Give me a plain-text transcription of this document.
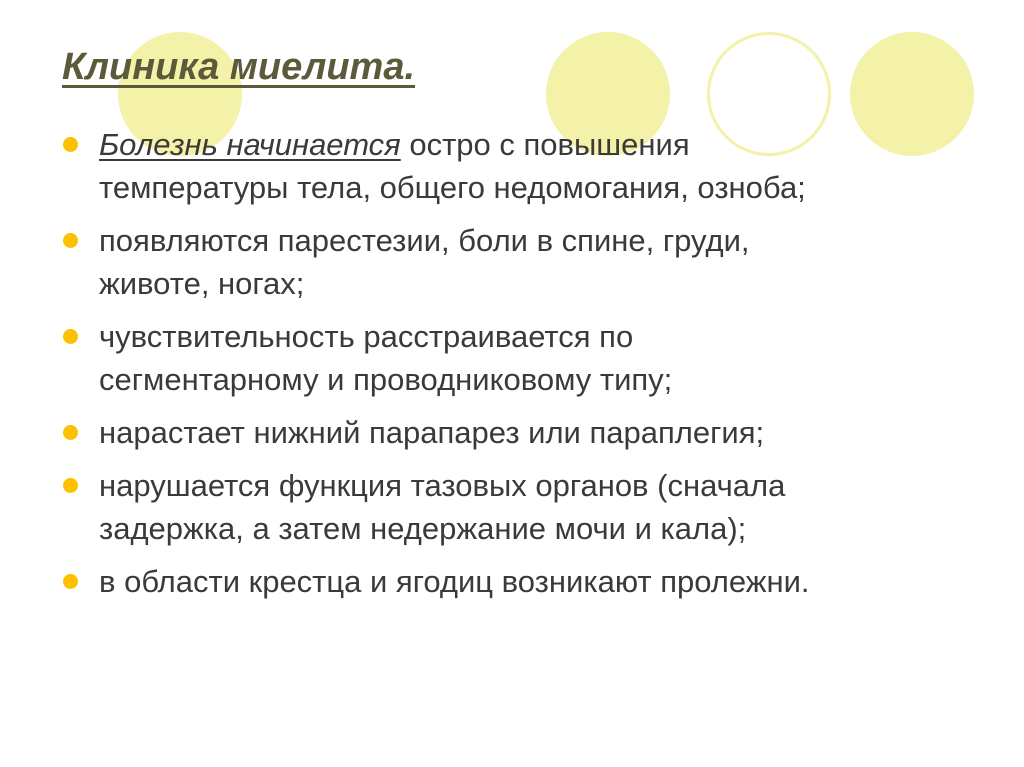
Клиника миелита.
Болезнь начинается остро с повышения
температуры тела, общего недомогания, озноба;
появляются парестезии, боли в спине, груди,
животе, ногах;
чувствительность расстраивается по
сегментарному и проводниковому типу;
нарастает нижний парапарез или параплегия;
нарушается функция тазовых органов (сначала
задержка, а затем недержание мочи и кала);
в области крестца и ягодиц возникают пролежни.
